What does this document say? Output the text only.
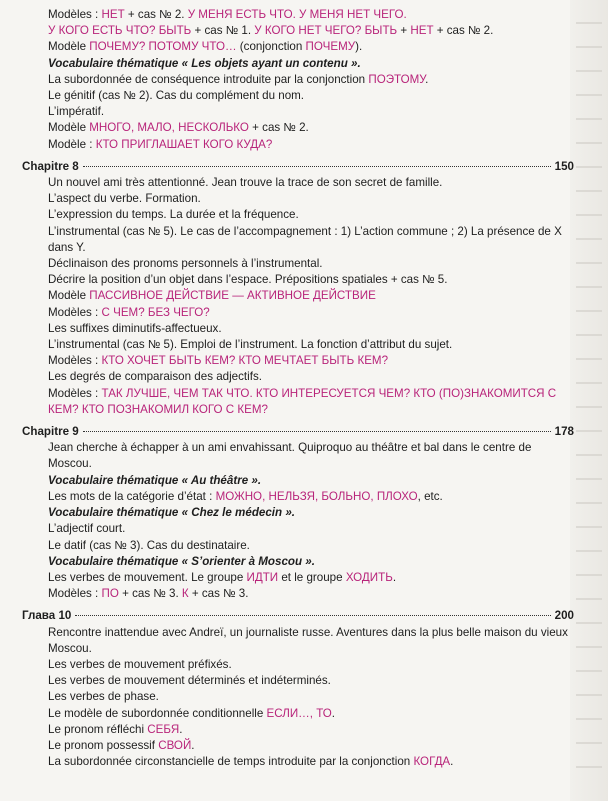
Modèles : НЕТ + cas № 2. У МЕНЯ ЕСТЬ ЧТО. У МЕНЯ НЕТ ЧЕГО.
У КОГО ЕСТЬ ЧТО? БЫТЬ + cas № 1. У КОГО НЕТ ЧЕГО? БЫТЬ + НЕТ + cas № 2.
Modèle ПОЧЕМУ? ПОТОМУ ЧТО… (conjonction ПОЧЕМУ).
Vocabulaire thématique « Les objets ayant un contenu ».
La subordonnée de conséquence introduite par la conjonction ПОЭТОМУ.
Le génitif (cas № 2). Cas du complément du nom.
L’impératif.
Modèle МНОГО, МАЛО, НЕСКОЛЬКО + cas № 2.
Modèle : КТО ПРИГЛАШАЕТ КОГО КУДА?
Chapitre 8	150
Un nouvel ami très attentionné. Jean trouve la trace de son secret de famille.
L’aspect du verbe. Formation.
L’expression du temps. La durée et la fréquence.
L’instrumental (cas № 5). Le cas de l’accompagnement : 1) L’action commune ; 2) La présence de X dans Y.
Déclinaison des pronoms personnels à l’instrumental.
Décrire la position d’un objet dans l’espace. Prépositions spatiales + cas № 5.
Modèle ПАССИВНОЕ ДЕЙСТВИЕ — АКТИВНОЕ ДЕЙСТВИЕ
Modèles : С ЧЕМ? БЕЗ ЧЕГО?
Les suffixes diminutifs-affectueux.
L’instrumental (cas № 5). Emploi de l’instrument. La fonction d’attribut du sujet.
Modèles : КТО ХОЧЕТ БЫТЬ КЕМ? КТО МЕЧТАЕТ БЫТЬ КЕМ?
Les degrés de comparaison des adjectifs.
Modèles : ТАК ЛУЧШЕ, ЧЕМ ТАК ЧТО. КТО ИНТЕРЕСУЕТСЯ ЧЕМ? КТО (ПО)ЗНАКОМИТСЯ С КЕМ? КТО ПОЗНАКОМИЛ КОГО С КЕМ?
Chapitre 9	178
Jean cherche à échapper à un ami envahissant. Quiproquo au théâtre et bal dans le centre de Moscou.
Vocabulaire thématique « Au théâtre ».
Les mots de la catégorie d’état : МОЖНО, НЕЛЬЗЯ, БОЛЬНО, ПЛОХО, etc.
Vocabulaire thématique « Chez le médecin ».
L’adjectif court.
Le datif (cas № 3). Cas du destinataire.
Vocabulaire thématique « S’orienter à Moscou ».
Les verbes de mouvement. Le groupe ИДТИ et le groupe ХОДИТЬ.
Modèles : ПО + cas № 3. К + cas № 3.
Глава 10	200
Rencontre inattendue avec Andreï, un journaliste russe. Aventures dans la plus belle maison du vieux Moscou.
Les verbes de mouvement préfixés.
Les verbes de mouvement déterminés et indéterminés.
Les verbes de phase.
Le modèle de subordonnée conditionnelle ЕСЛИ…, ТО.
Le pronom réfléchi СЕБЯ.
Le pronom possessif СВОЙ.
La subordonnée circonstancielle de temps introduite par la conjonction КОГДА.
